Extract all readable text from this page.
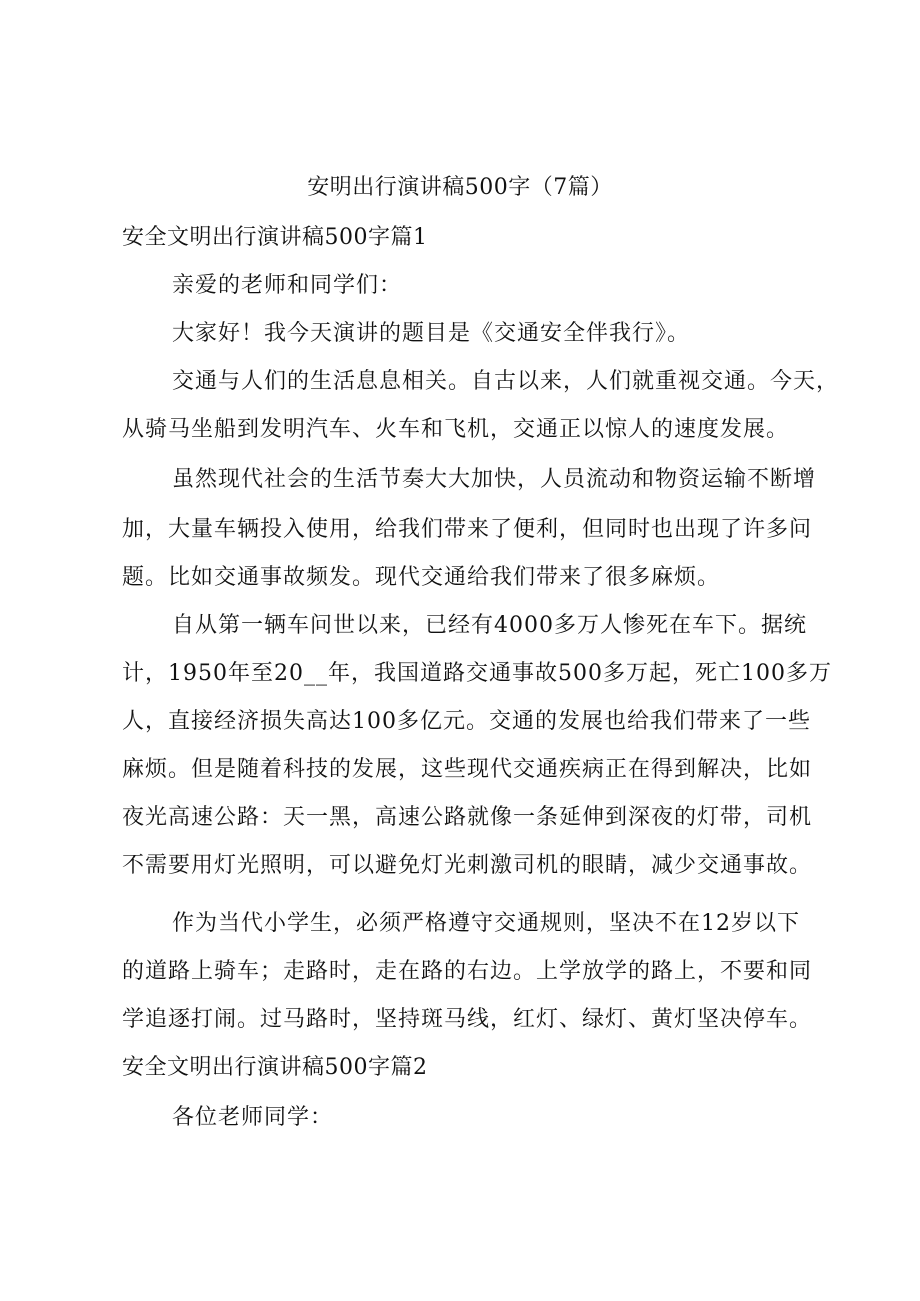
安明出行演讲稿500字（7篇）
安全文明出行演讲稿500字篇1
亲爱的老师和同学们：
大家好！我今天演讲的题目是《交通安全伴我行》。
交通与人们的生活息息相关。自古以来，人们就重视交通。今天，
从骑马坐船到发明汽车、火车和飞机，交通正以惊人的速度发展。
虽然现代社会的生活节奏大大加快，人员流动和物资运输不断增
加，大量车辆投入使用，给我们带来了便利，但同时也出现了许多问
题。比如交通事故频发。现代交通给我们带来了很多麻烦。
自从第一辆车问世以来，已经有4000多万人惨死在车下。据统
计，1950年至20__年，我国道路交通事故500多万起，死亡100多万
人，直接经济损失高达100多亿元。交通的发展也给我们带来了一些
麻烦。但是随着科技的发展，这些现代交通疾病正在得到解决，比如
夜光高速公路：天一黑，高速公路就像一条延伸到深夜的灯带，司机
不需要用灯光照明，可以避免灯光刺激司机的眼睛，减少交通事故。
作为当代小学生，必须严格遵守交通规则，坚决不在12岁以下
的道路上骑车；走路时，走在路的右边。上学放学的路上，不要和同
学追逐打闹。过马路时，坚持斑马线，红灯、绿灯、黄灯坚决停车。
安全文明出行演讲稿500字篇2
各位老师同学：
